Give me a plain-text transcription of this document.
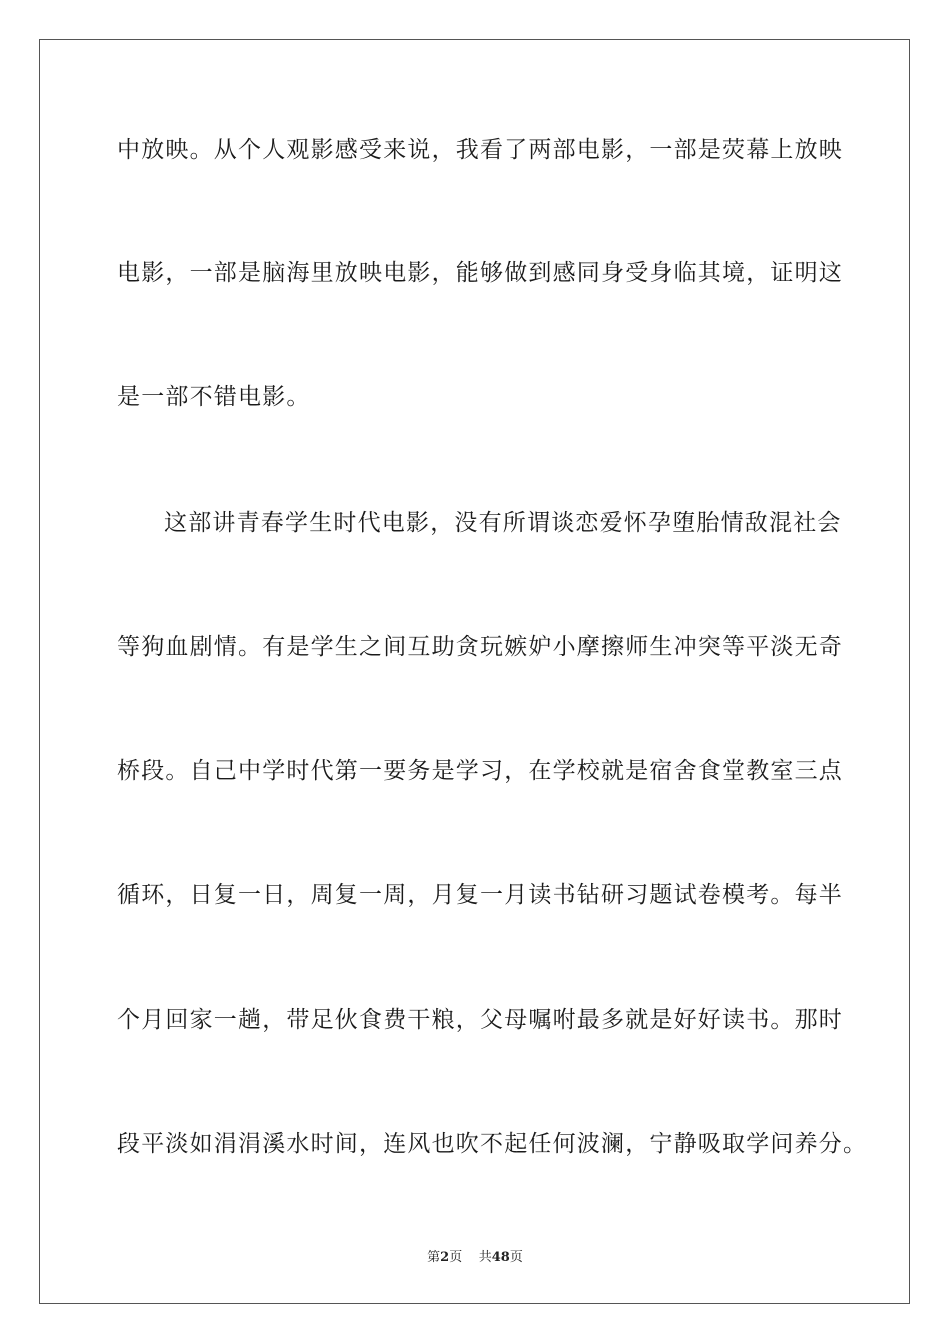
中放映。从个人观影感受来说，我看了两部电影，一部是荧幕上放映
电影，一部是脑海里放映电影，能够做到感同身受身临其境，证明这
是一部不错电影。
这部讲青春学生时代电影，没有所谓谈恋爱怀孕堕胎情敌混社会
等狗血剧情。有是学生之间互助贪玩嫉妒小摩擦师生冲突等平淡无奇
桥段。自己中学时代第一要务是学习，在学校就是宿舍食堂教室三点
循环，日复一日，周复一周，月复一月读书钻研习题试卷模考。每半
个月回家一趟，带足伙食费干粮，父母嘱咐最多就是好好读书。那时
段平淡如涓涓溪水时间，连风也吹不起任何波澜，宁静吸取学问养分。
第2页 共48页
